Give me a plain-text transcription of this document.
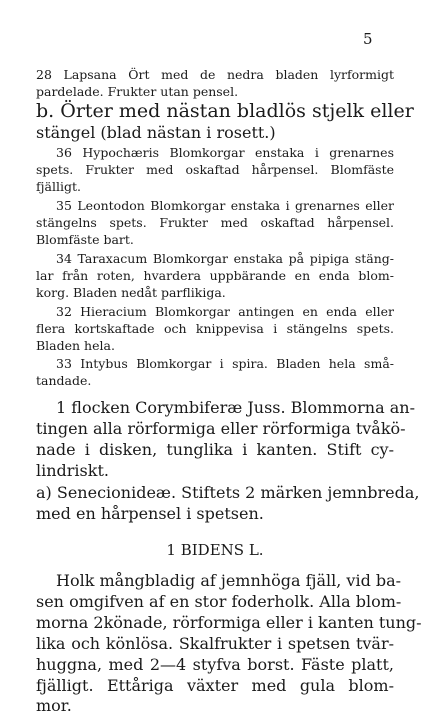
5

28 Lapsana Ört med de nedra bladen lyrformigt

pardelade. Frukter utan pensel.

b. Örter med nästan bladlös stjelk eller

stängel (blad nästan i rosett.)

36 Hypochæris Blomkorgar enstaka i grenarnes

spets. Frukter med oskaftad hårpensel. Blomfäste

fjälligt.

35 Leontodon Blomkorgar enstaka i grenarnes eller

stängelns spets. Frukter med oskaftad hårpensel.

Blomfäste bart.

34 Taraxacum Blomkorgar enstaka på pipiga stäng-

lar från roten, hvardera uppbärande en enda blom-

korg. Bladen nedåt parflikiga.

32 Hieracium Blomkorgar antingen en enda eller

flera kortskaftade och knippevisa i stängelns spets.

Bladen hela.

33 Intybus Blomkorgar i spira. Bladen hela små-

tandade.

1 flocken Corymbiferæ Juss. Blommorna an-

tingen alla rörformiga eller rörformiga tvåkö-

nade i disken, tunglika i kanten. Stift cy-

lindriskt.

a) Senecionideæ. Stiftets 2 märken jemnbreda,

med en hårpensel i spetsen.

1 BIDENS L.

Holk mångbladig af jemnhöga fjäll, vid ba-

sen omgifven af en stor foderholk. Alla blom-

morna 2könade, rörformiga eller i kanten tung-

lika och könlösa. Skalfrukter i spetsen tvär-

huggna, med 2—4 styfva borst. Fäste platt,

fjälligt. Ettåriga växter med gula blom-

mor.
